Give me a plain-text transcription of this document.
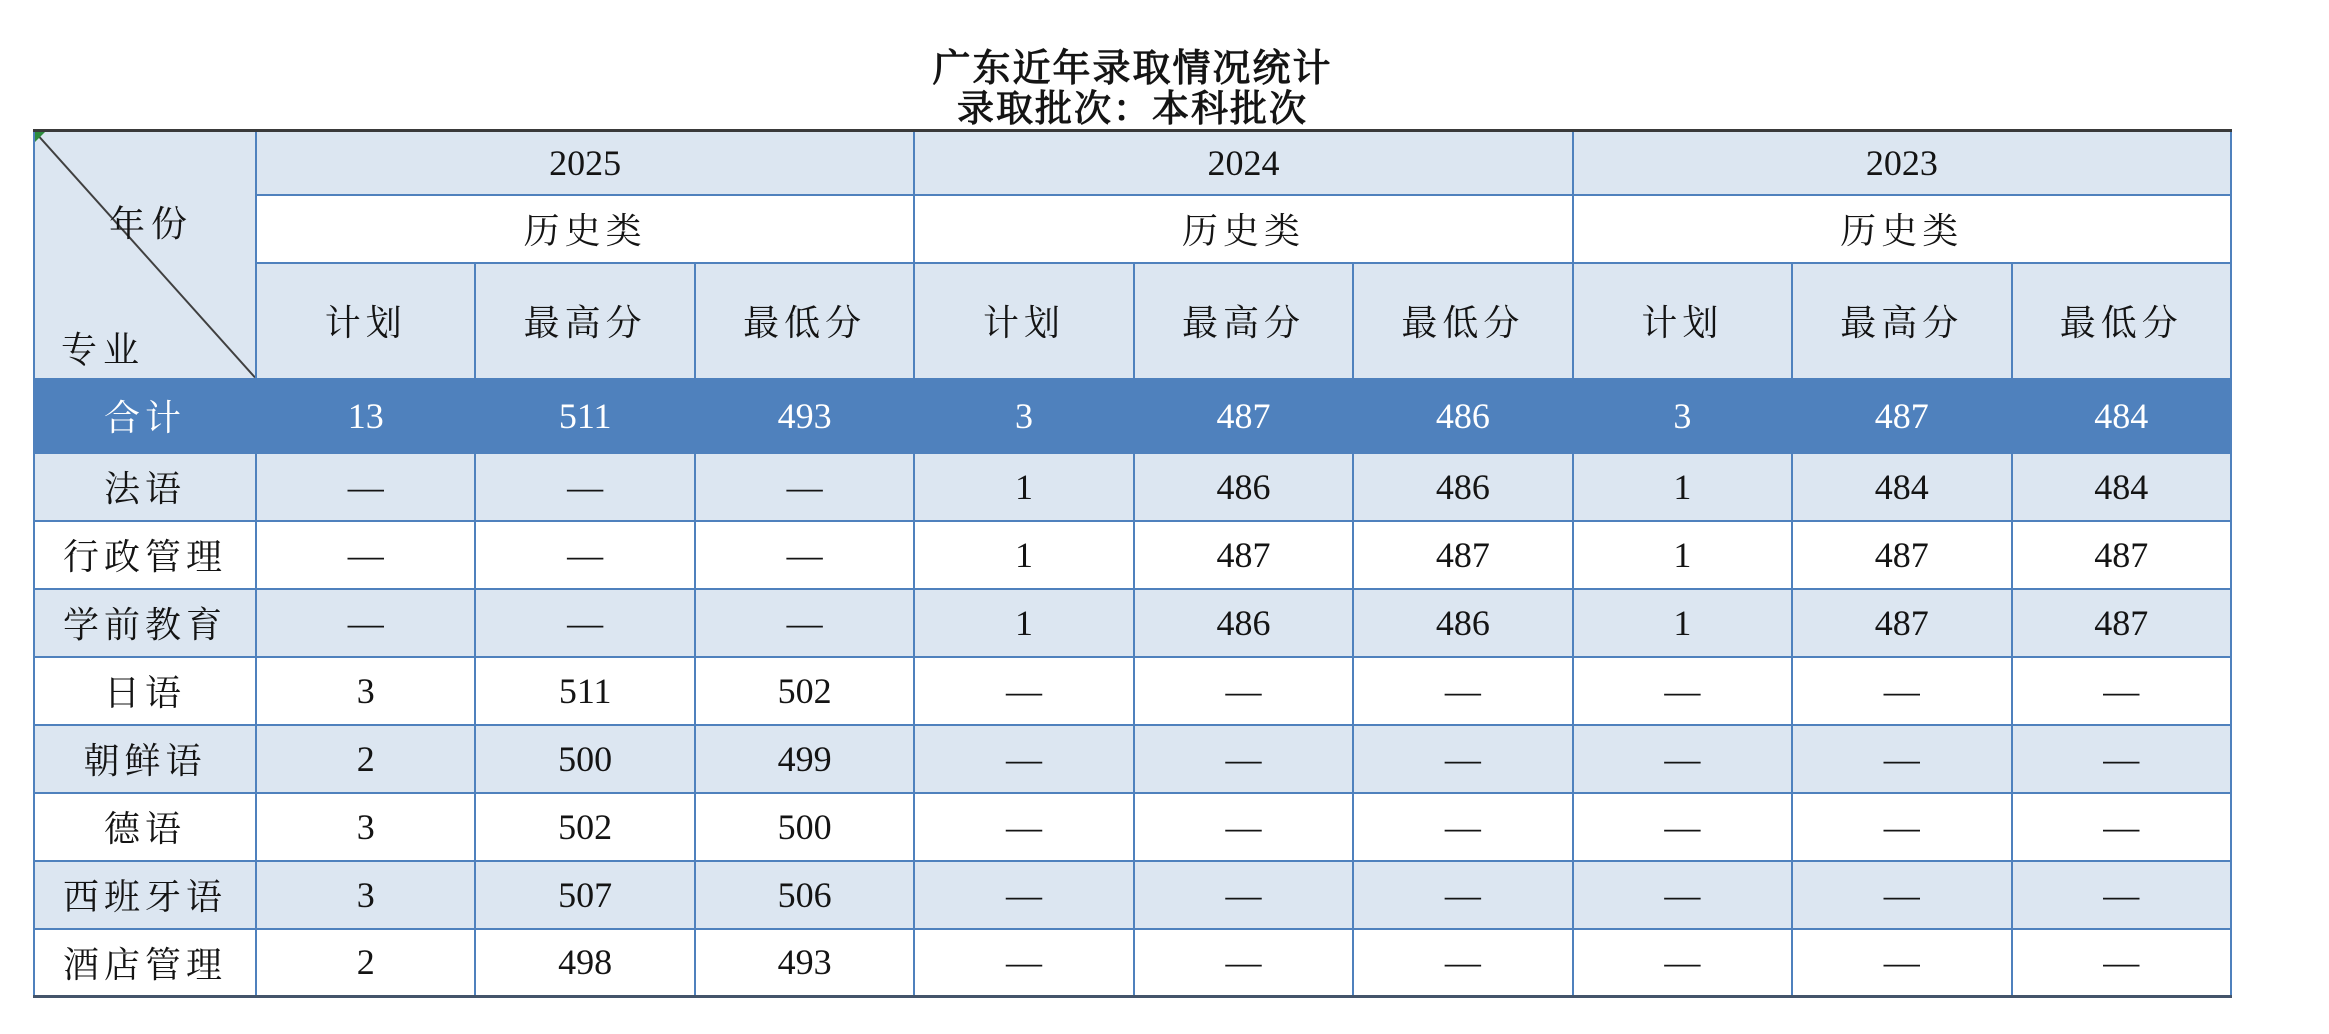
广东近年录取情况统计
录取批次：本科批次
年份
专业	2025			2024			2023		
	历史类			历史类			历史类		
	计划	最高分	最低分	计划	最高分	最低分	计划	最高分	最低分
合计	13	511	493	3	487	486	3	487	484
法语	—	—	—	1	486	486	1	484	484
行政管理	—	—	—	1	487	487	1	487	487
学前教育	—	—	—	1	486	486	1	487	487
日语	3	511	502	—	—	—	—	—	—
朝鲜语	2	500	499	—	—	—	—	—	—
德语	3	502	500	—	—	—	—	—	—
西班牙语	3	507	506	—	—	—	—	—	—
酒店管理	2	498	493	—	—	—	—	—	—
